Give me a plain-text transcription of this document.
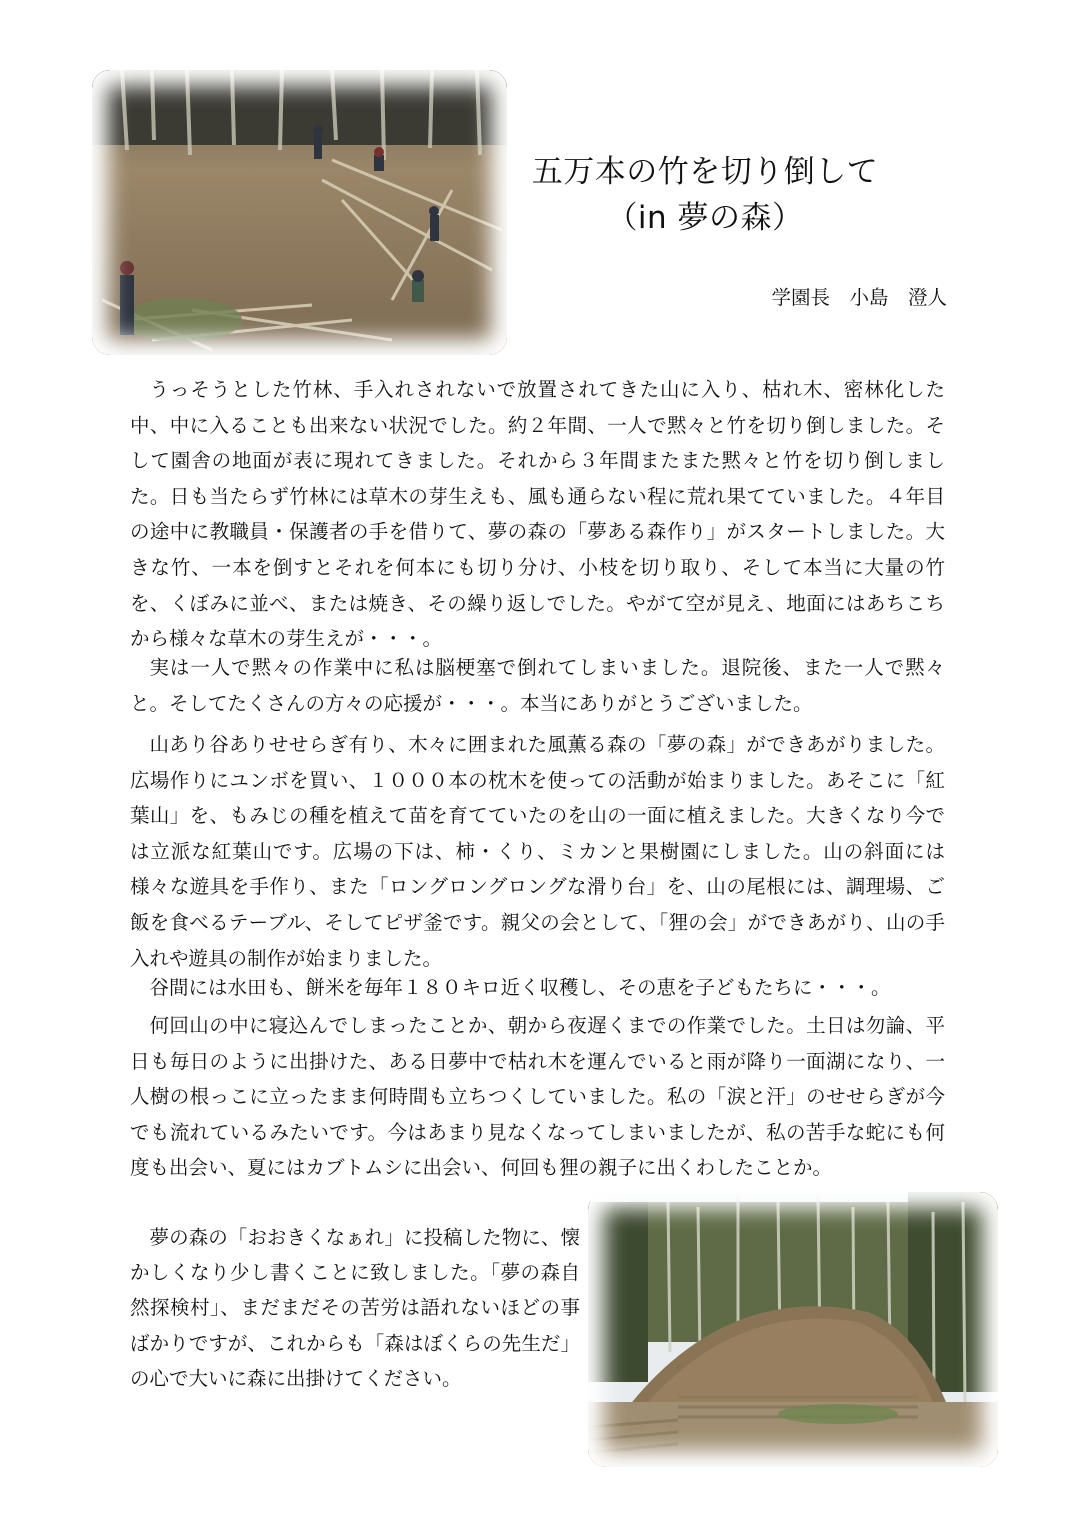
五万本の竹を切り倒して
（in 夢の森）
学園長　小島　澄人

うっそうとした竹林、手入れされないで放置されてきた山に入り、枯れ木、密林化した中、中に入ることも出来ない状況でした。約２年間、一人で黙々と竹を切り倒しました。そして園舎の地面が表に現れてきました。それから３年間またまた黙々と竹を切り倒しました。日も当たらず竹林には草木の芽生えも、風も通らない程に荒れ果てていました。４年目の途中に教職員・保護者の手を借りて、夢の森の「夢ある森作り」がスタートしました。大きな竹、一本を倒すとそれを何本にも切り分け、小枝を切り取り、そして本当に大量の竹を、くぼみに並べ、または焼き、その繰り返しでした。やがて空が見え、地面にはあちこちから様々な草木の芽生えが・・・。

実は一人で黙々の作業中に私は脳梗塞で倒れてしまいました。退院後、また一人で黙々と。そしてたくさんの方々の応援が・・・。本当にありがとうございました。

山あり谷ありせせらぎ有り、木々に囲まれた風薫る森の「夢の森」ができあがりました。広場作りにユンボを買い、１０００本の枕木を使っての活動が始まりました。あそこに「紅葉山」を、もみじの種を植えて苗を育てていたのを山の一面に植えました。大きくなり今では立派な紅葉山です。広場の下は、柿・くり、ミカンと果樹園にしました。山の斜面には様々な遊具を手作り、また「ロングロングロングな滑り台」を、山の尾根には、調理場、ご飯を食べるテーブル、そしてピザ釜です。親父の会として、「狸の会」ができあがり、山の手入れや遊具の制作が始まりました。

谷間には水田も、餅米を毎年１８０キロ近く収穫し、その恵を子どもたちに・・・。

何回山の中に寝込んでしまったことか、朝から夜遅くまでの作業でした。土日は勿論、平日も毎日のように出掛けた、ある日夢中で枯れ木を運んでいると雨が降り一面湖になり、一人樹の根っこに立ったまま何時間も立ちつくしていました。私の「涙と汗」のせせらぎが今でも流れているみたいです。今はあまり見なくなってしまいましたが、私の苦手な蛇にも何度も出会い、夏にはカブトムシに出会い、何回も狸の親子に出くわしたことか。

夢の森の「おおきくなぁれ」に投稿した物に、懐かしくなり少し書くことに致しました。「夢の森自然探検村」、まだまだその苦労は語れないほどの事ばかりですが、これからも「森はぼくらの先生だ」の心で大いに森に出掛けてください。
